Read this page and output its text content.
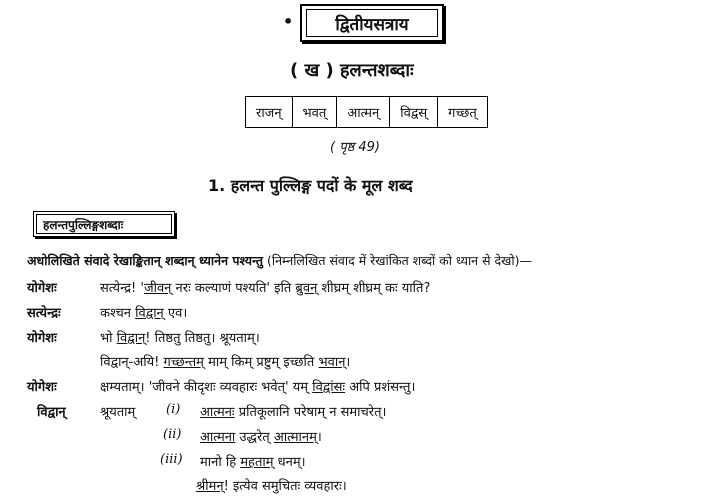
•	द्वितीयसत्राय
( ख ) हलन्तशब्दाः
राजन्	भवत्	आत्मन्	विद्वस्	गच्छत्
( पृष्ठ 49)
1. हलन्त पुल्लिङ्ग पदों के मूल शब्द
हलन्तपुल्लिङ्गशब्दाः
अधोलिखिते संवादे रेखाङ्कितान् शब्दान् ध्यानेन पश्यन्तु (निम्नलिखित संवाद में रेखांकित शब्दों को ध्यान से देखो)—
योगेशः	सत्येन्द्र! 'जीवन् नरः कल्याणं पश्यति' इति ब्रुवन् शीघ्रम् शीघ्रम् कः याति?
सत्येन्द्रः	कश्चन विद्वान् एव।
योगेशः	भो विद्वान्! तिष्ठतु तिष्ठतु। श्रूयताम्।
विद्वान्-अयि! गच्छन्तम् माम् किम् प्रष्टुम् इच्छति भवान्।
योगेशः	क्षम्यताम्। 'जीवने कीदृशः व्यवहारः भवेत्' यम् विद्वांसः अपि प्रशंसन्तु।
विद्वान्	श्रूयताम् (i) आत्मनः प्रतिकूलानि परेषाम् न समाचरेत्।
(ii) आत्मना उद्धरेत् आत्मानम्।
(iii) मानो हि महताम् धनम्।
श्रीमन्! इत्येव समुचितः व्यवहारः।
